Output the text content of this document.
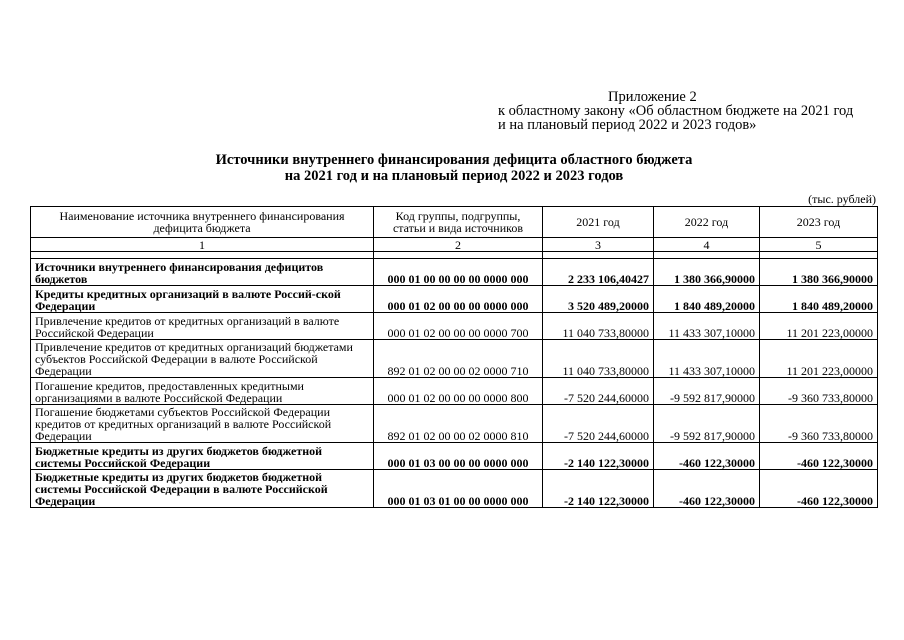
Приложение 2
к областному закону «Об областном бюджете на 2021 год
и на плановый период 2022 и 2023 годов»
Источники внутреннего финансирования дефицита областного бюджета
на 2021 год и на плановый период 2022 и 2023 годов
(тыс. рублей)
Наименование источника внутреннего финансирования дефицита бюджета	Код группы, подгруппы, статьи и вида источников	2021 год	2022 год	2023 год
1	2	3	4	5

Источники внутреннего финансирования дефицитов бюджетов	000 01 00 00 00 00 0000 000	2 233 106,40427	1 380 366,90000	1 380 366,90000
Кредиты кредитных организаций в валюте Россий-ской Федерации	000 01 02 00 00 00 0000 000	3 520 489,20000	1 840 489,20000	1 840 489,20000
Привлечение кредитов от кредитных организаций в валюте Российской Федерации	000 01 02 00 00 00 0000 700	11 040 733,80000	11 433 307,10000	11 201 223,00000
Привлечение кредитов от кредитных организаций бюджетами субъектов Российской Федерации в валюте Российской Федерации	892 01 02 00 00 02 0000 710	11 040 733,80000	11 433 307,10000	11 201 223,00000
Погашение кредитов, предоставленных кредитными организациями в валюте Российской Федерации	000 01 02 00 00 00 0000 800	-7 520 244,60000	-9 592 817,90000	-9 360 733,80000
Погашение бюджетами субъектов Российской Федерации кредитов от кредитных организаций в валюте Российской Федерации	892 01 02 00 00 02 0000 810	-7 520 244,60000	-9 592 817,90000	-9 360 733,80000
Бюджетные кредиты из других бюджетов бюджетной системы Российской Федерации	000 01 03 00 00 00 0000 000	-2 140 122,30000	-460 122,30000	-460 122,30000
Бюджетные кредиты из других бюджетов бюджетной системы Российской Федерации в валюте Российской Федерации	000 01 03 01 00 00 0000 000	-2 140 122,30000	-460 122,30000	-460 122,30000
